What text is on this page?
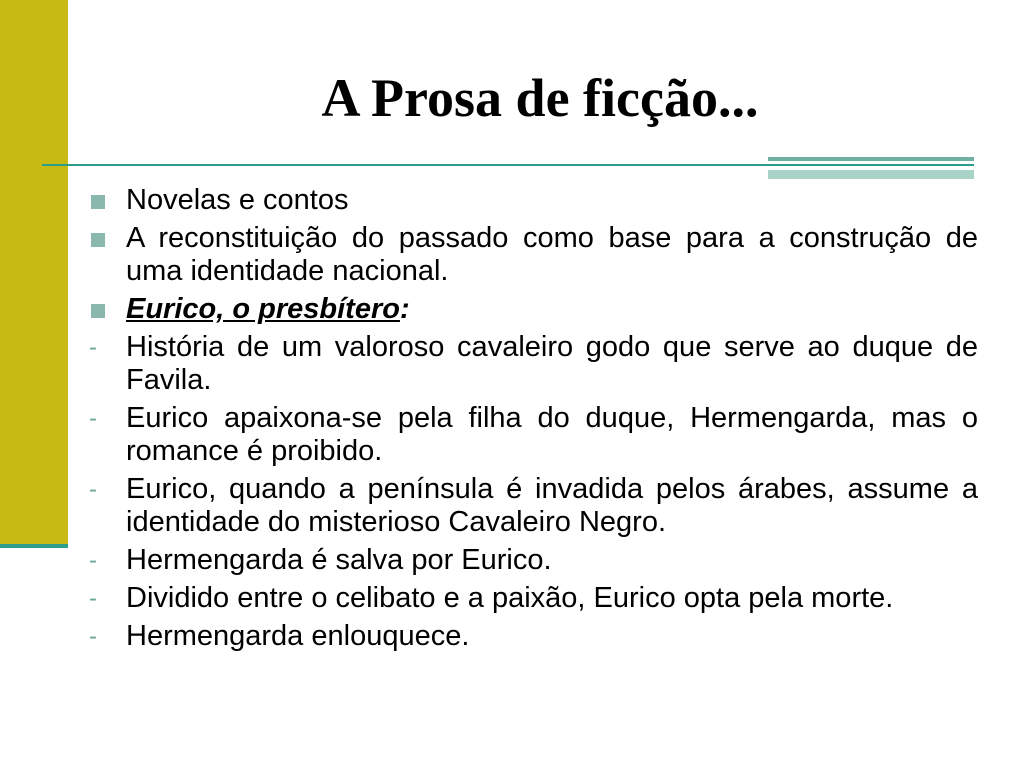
A Prosa de ficção...
Novelas e contos
A reconstituição do passado como base para a construção de uma identidade nacional.
Eurico, o presbítero:
- História de um valoroso cavaleiro godo que serve ao duque de Favila.
- Eurico apaixona-se pela filha do duque, Hermengarda, mas o romance é proibido.
- Eurico, quando a península é invadida pelos árabes, assume a identidade do misterioso Cavaleiro Negro.
- Hermengarda é salva por Eurico.
- Dividido entre o celibato e a paixão, Eurico opta pela morte.
- Hermengarda enlouquece.
